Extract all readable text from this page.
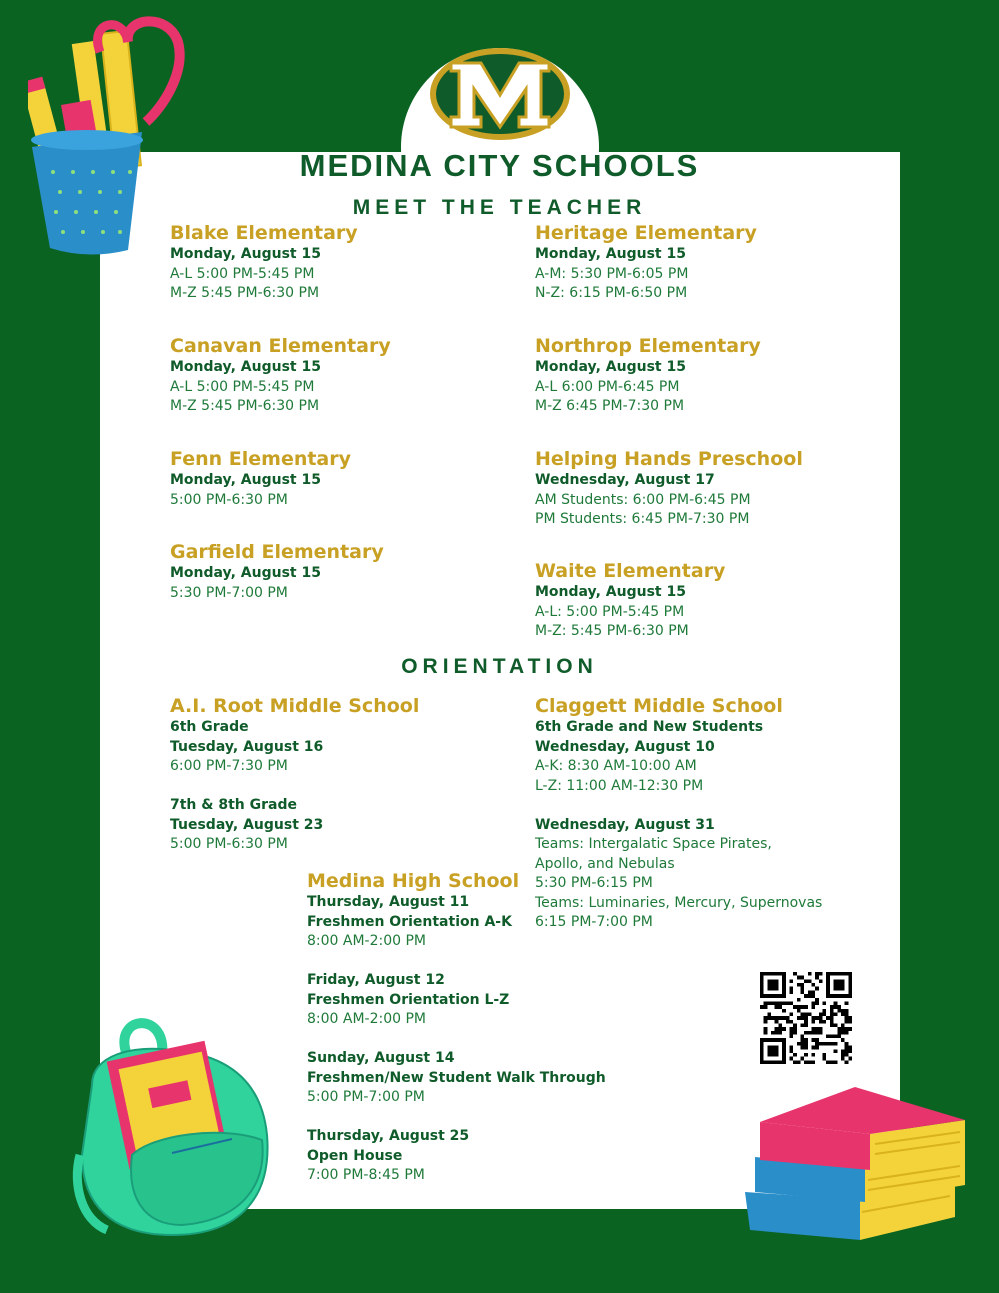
MEDINA CITY SCHOOLS
MEET THE TEACHER
ORIENTATION
Blake Elementary
Monday, August 15
A-L 5:00 PM-5:45 PM
M-Z 5:45 PM-6:30 PM
Canavan Elementary
Monday, August 15
A-L 5:00 PM-5:45 PM
M-Z 5:45 PM-6:30 PM
Fenn Elementary
Monday, August 15
5:00 PM-6:30 PM
Garfield Elementary
Monday, August 15
5:30 PM-7:00 PM
Heritage Elementary
Monday, August 15
A-M: 5:30 PM-6:05 PM
N-Z: 6:15 PM-6:50 PM
Northrop Elementary
Monday, August 15
A-L 6:00 PM-6:45 PM
M-Z 6:45 PM-7:30 PM
Helping Hands Preschool
Wednesday, August 17
AM Students: 6:00 PM-6:45 PM
PM Students: 6:45 PM-7:30 PM
Waite Elementary
Monday, August 15
A-L: 5:00 PM-5:45 PM
M-Z: 5:45 PM-6:30 PM
A.I. Root Middle School
6th Grade
Tuesday, August 16
6:00 PM-7:30 PM
7th & 8th Grade
Tuesday, August 23
5:00 PM-6:30 PM
Claggett Middle School
6th Grade and New Students
Wednesday, August 10
A-K: 8:30 AM-10:00 AM
L-Z: 11:00 AM-12:30 PM
Wednesday, August 31
Teams: Intergalatic Space Pirates,
Apollo, and Nebulas
5:30 PM-6:15 PM
Teams: Luminaries, Mercury, Supernovas
6:15 PM-7:00 PM
Medina High School
Thursday, August 11
Freshmen Orientation A-K
8:00 AM-2:00 PM
Friday, August 12
Freshmen Orientation L-Z
8:00 AM-2:00 PM
Sunday, August 14
Freshmen/New Student Walk Through
5:00 PM-7:00 PM
Thursday, August 25
Open House
7:00 PM-8:45 PM
